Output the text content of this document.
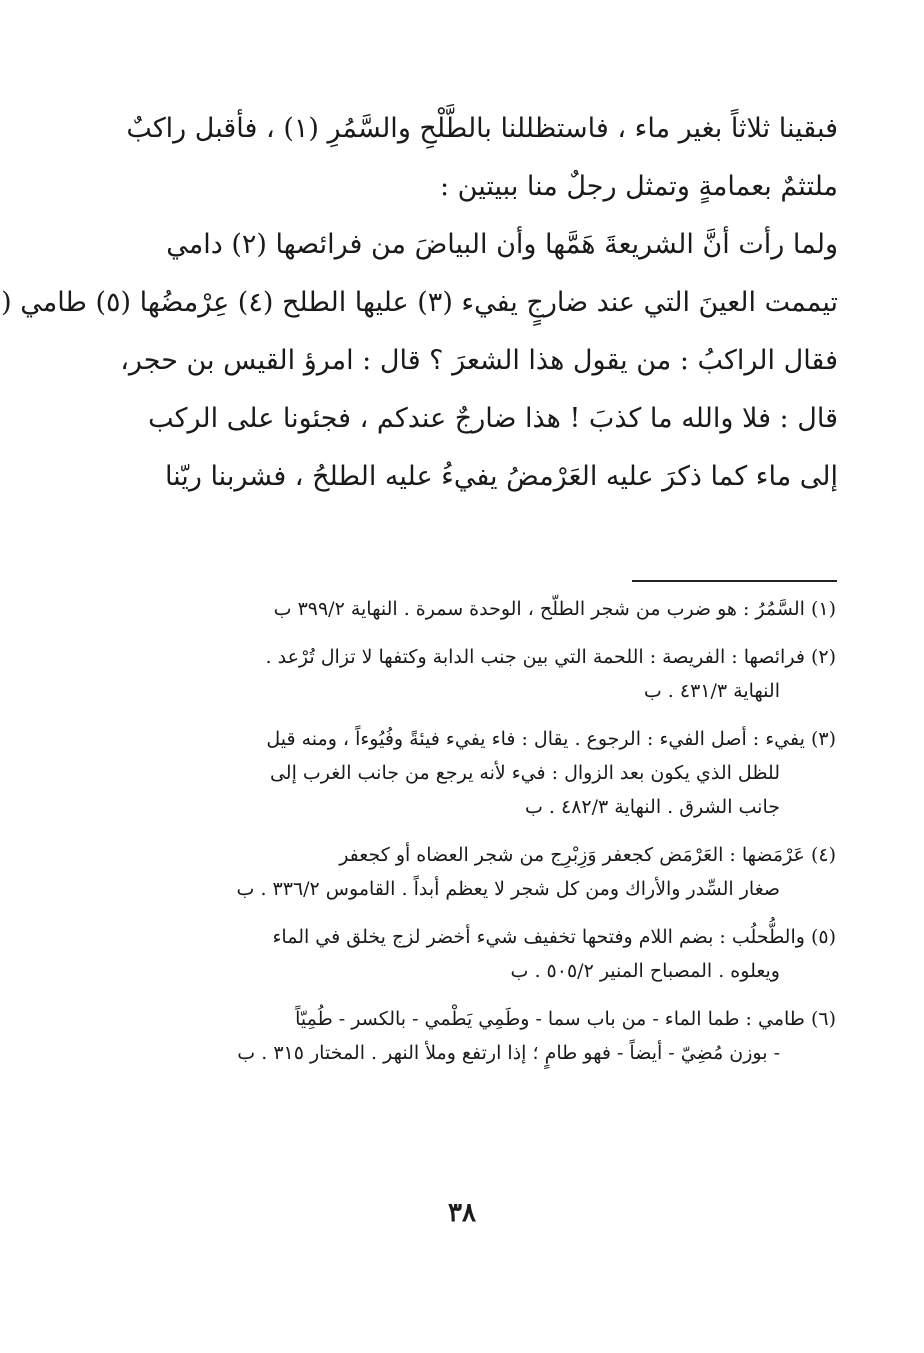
فبقينا ثلاثاً بغير ماء ، فاستظللنا بالطَّلْحِ والسَّمُرِ (١) ، فأقبل راكبٌ
ملتثمٌ بعمامةٍ وتمثل رجلٌ منا ببيتين :
ولما رأت أنَّ الشريعةَ هَمَّها وأن البياضَ من فرائصها (٢) دامي
تيممت العينَ التي عند ضارجٍ يفيء (٣) عليها الطلح (٤) عِرْمضُها (٥) طامي (
فقال الراكبُ : من يقول هذا الشعرَ ؟ قال : امرؤ القيس بن حجر،
قال : فلا والله ما كذبَ ! هذا ضارجٌ عندكم ، فجئونا على الركب
إلى ماء كما ذكرَ عليه العَرْمضُ يفيءُ عليه الطلحُ ، فشربنا ريّنا
(١) السَّمُرُ : هو ضرب من شجر الطلّح ، الوحدة سمرة . النهاية ٣٩٩/٢ ب
(٢) فرائصها : الفريصة : اللحمة التي بين جنب الدابة وكتفها لا تزال تُرْعد .
النهاية ٤٣١/٣ . ب
(٣) يفيء : أصل الفيء : الرجوع . يقال : فاء يفيء فيئةً وفُيُوءاً ، ومنه قيل
للظل الذي يكون بعد الزوال : فيء لأنه يرجع من جانب الغرب إلى
جانب الشرق . النهاية ٤٨٢/٣ . ب
(٤) عَرْمَضها : العَرْمَض كجعفر وَزِبْرِج من شجر العضاه أو كجعفر
صغار السِّدر والأراك ومن كل شجر لا يعظم أبداً . القاموس ٣٣٦/٢ . ب
(٥) والطُّحلُب : بضم اللام وفتحها تخفيف شيء أخضر لزج يخلق في الماء
ويعلوه . المصباح المنير ٥٠٥/٢ . ب
(٦) طامي : طما الماء - من باب سما - وطَمِي يَطْمي - بالكسر - طُمِيّاً
- بوزن مُضِيّ - أيضاً - فهو طامٍ ؛ إذا ارتفع وملأ النهر . المختار ٣١٥ . ب
٣٨
